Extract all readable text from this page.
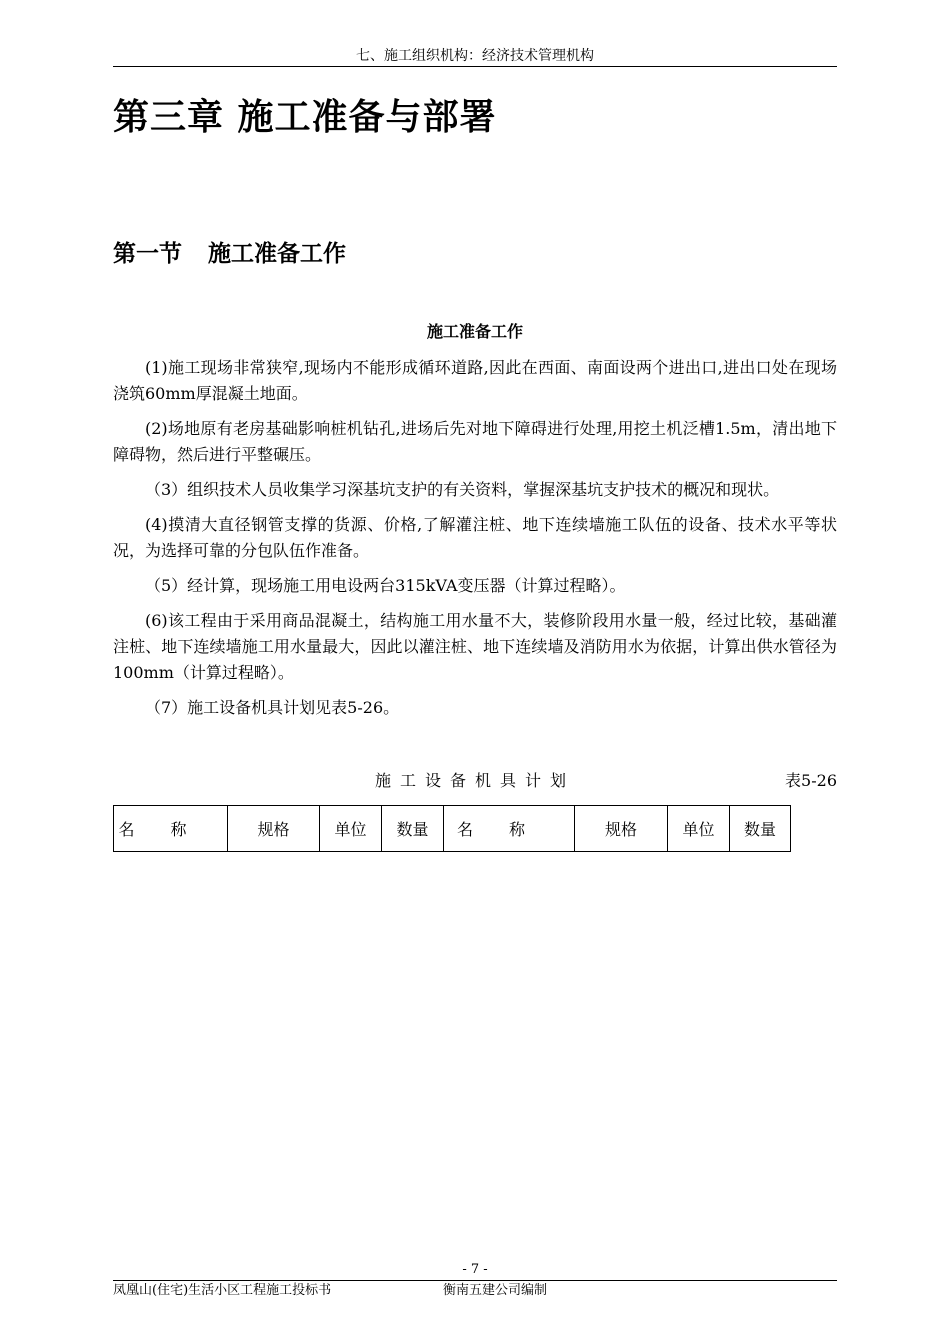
七、施工组织机构：经济技术管理机构
第三章 施工准备与部署
第一节 施工准备工作
施工准备工作

(1)施工现场非常狭窄,现场内不能形成循环道路,因此在西面、南面设两个进出口,进出口处在现场浇筑60mm厚混凝土地面。

(2)场地原有老房基础影响桩机钻孔,进场后先对地下障碍进行处理,用挖土机泛槽1.5m，清出地下障碍物，然后进行平整碾压。

（3）组织技术人员收集学习深基坑支护的有关资料，掌握深基坑支护技术的概况和现状。

(4)摸清大直径钢管支撑的货源、价格,了解灌注桩、地下连续墙施工队伍的设备、技术水平等状况，为选择可靠的分包队伍作准备。

（5）经计算，现场施工用电设两台315kVA变压器（计算过程略）。

(6)该工程由于采用商品混凝土，结构施工用水量不大，装修阶段用水量一般，经过比较，基础灌注桩、地下连续墙施工用水量最大，因此以灌注桩、地下连续墙及消防用水为依据，计算出供水管径为100mm（计算过程略）。

（7）施工设备机具计划见表5-26。

施工设备机具计划	表5-26
名称	规格	单位	数量	名称	规格	单位	数量
- 7 -
凤凰山(住宅)生活小区工程施工投标书	衡南五建公司编制
